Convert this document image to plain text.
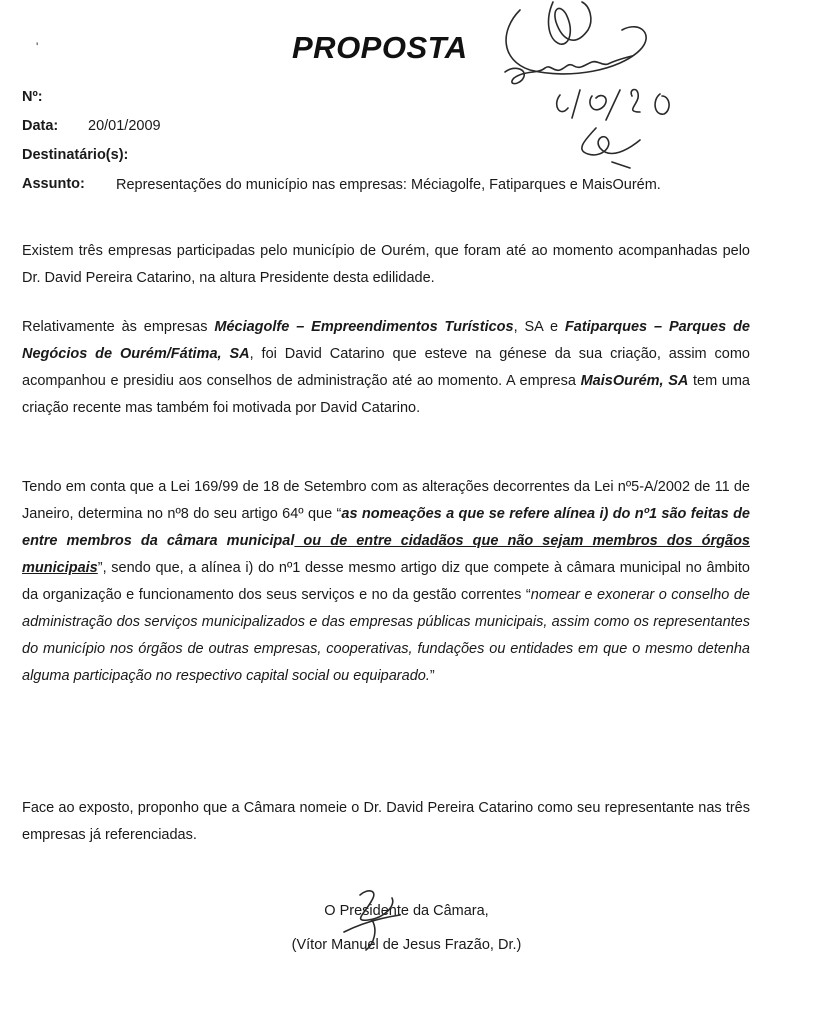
'	PROPOSTA
Nº:
Data: 20/01/2009
Destinatário(s):
Assunto: Representações do município nas empresas: Méciagolfe, Fatiparques e MaisOurém.

Existem três empresas participadas pelo município de Ourém, que foram até ao momento acompanhadas pelo Dr. David Pereira Catarino, na altura Presidente desta edilidade.

Relativamente às empresas Méciagolfe – Empreendimentos Turísticos, SA e Fatiparques – Parques de Negócios de Ourém/Fátima, SA, foi David Catarino que esteve na génese da sua criação, assim como acompanhou e presidiu aos conselhos de administração até ao momento. A empresa MaisOurém, SA tem uma criação recente mas também foi motivada por David Catarino.

Tendo em conta que a Lei 169/99 de 18 de Setembro com as alterações decorrentes da Lei nº5-A/2002 de 11 de Janeiro, determina no nº8 do seu artigo 64º que “as nomeações a que se refere alínea i) do nº1 são feitas de entre membros da câmara municipal ou de entre cidadãos que não sejam membros dos órgãos municipais”, sendo que, a alínea i) do nº1 desse mesmo artigo diz que compete à câmara municipal no âmbito da organização e funcionamento dos seus serviços e no da gestão correntes “nomear e exonerar o conselho de administração dos serviços municipalizados e das empresas públicas municipais, assim como os representantes do município nos órgãos de outras empresas, cooperativas, fundações ou entidades em que o mesmo detenha alguma participação no respectivo capital social ou equiparado.”

Face ao exposto, proponho que a Câmara nomeie o Dr. David Pereira Catarino como seu representante nas três empresas já referenciadas.

O Presidente da Câmara,
(Vítor Manuel de Jesus Frazão, Dr.)
